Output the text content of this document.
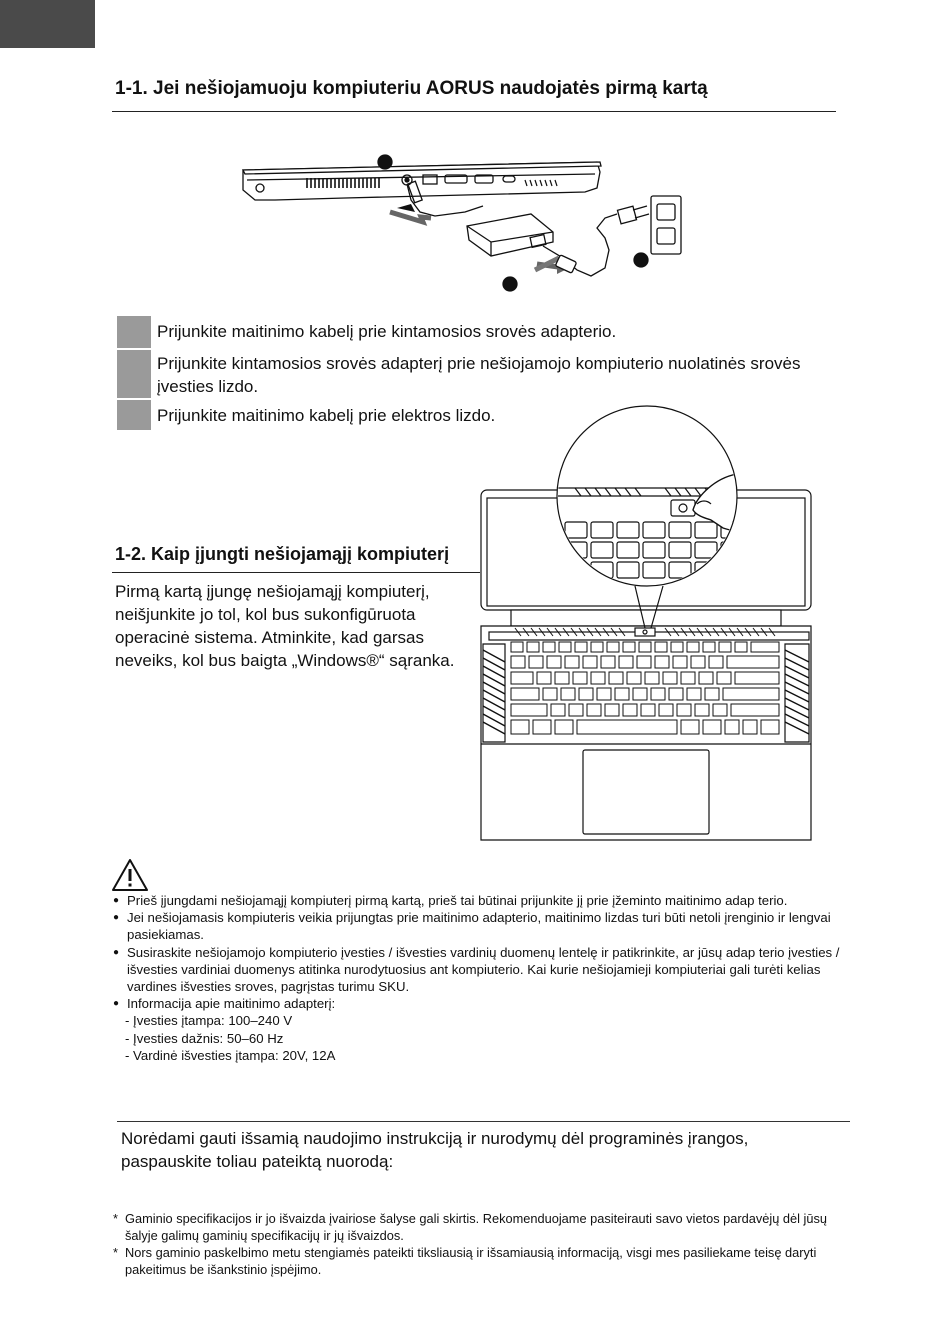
1-1. Jei nešiojamuoju kompiuteriu AORUS naudojatės pirmą kartą
Prijunkite maitinimo kabelį prie kintamosios srovės adapterio.
Prijunkite kintamosios srovės adapterį prie nešiojamojo kompiuterio nuolatinės srovės įvesties lizdo.
Prijunkite maitinimo kabelį prie elektros lizdo.
1-2. Kaip įjungti nešiojamąjį kompiuterį
Pirmą kartą įjungę nešiojamąjį kompiuterį, neišjunkite jo tol, kol bus sukonfigūruota operacinė sistema. Atminkite, kad garsas neveiks, kol bus baigta „Windows®“ sąranka.
● Prieš įjungdami nešiojamąjį kompiuterį pirmą kartą, prieš tai būtinai prijunkite jį prie įžeminto maitinimo adap terio.
● Jei nešiojamasis kompiuteris veikia prijungtas prie maitinimo adapterio, maitinimo lizdas turi būti netoli įrenginio ir lengvai pasiekiamas.
● Susiraskite nešiojamojo kompiuterio įvesties / išvesties vardinių duomenų lentelę ir patikrinkite, ar jūsų adap terio įvesties / išvesties vardiniai duomenys atitinka nurodytuosius ant kompiuterio. Kai kurie nešiojamieji kompiuteriai gali turėti kelias vardines išvesties sroves, pagrįstas turimu SKU.
● Informacija apie maitinimo adapterį:
- Įvesties įtampa: 100–240 V
- Įvesties dažnis: 50–60 Hz
- Vardinė išvesties įtampa: 20V, 12A
Norėdami gauti išsamią naudojimo instrukciją ir nurodymų dėl programinės įrangos, paspauskite toliau pateiktą nuorodą:
* Gaminio specifikacijos ir jo išvaizda įvairiose šalyse gali skirtis. Rekomenduojame pasiteirauti savo vietos pardavėjų dėl jūsų šalyje galimų gaminių specifikacijų ir jų išvaizdos.
* Nors gaminio paskelbimo metu stengiamės pateikti tiksliausią ir išsamiausią informaciją, visgi mes pasiliekame teisę daryti pakeitimus be išankstinio įspėjimo.
